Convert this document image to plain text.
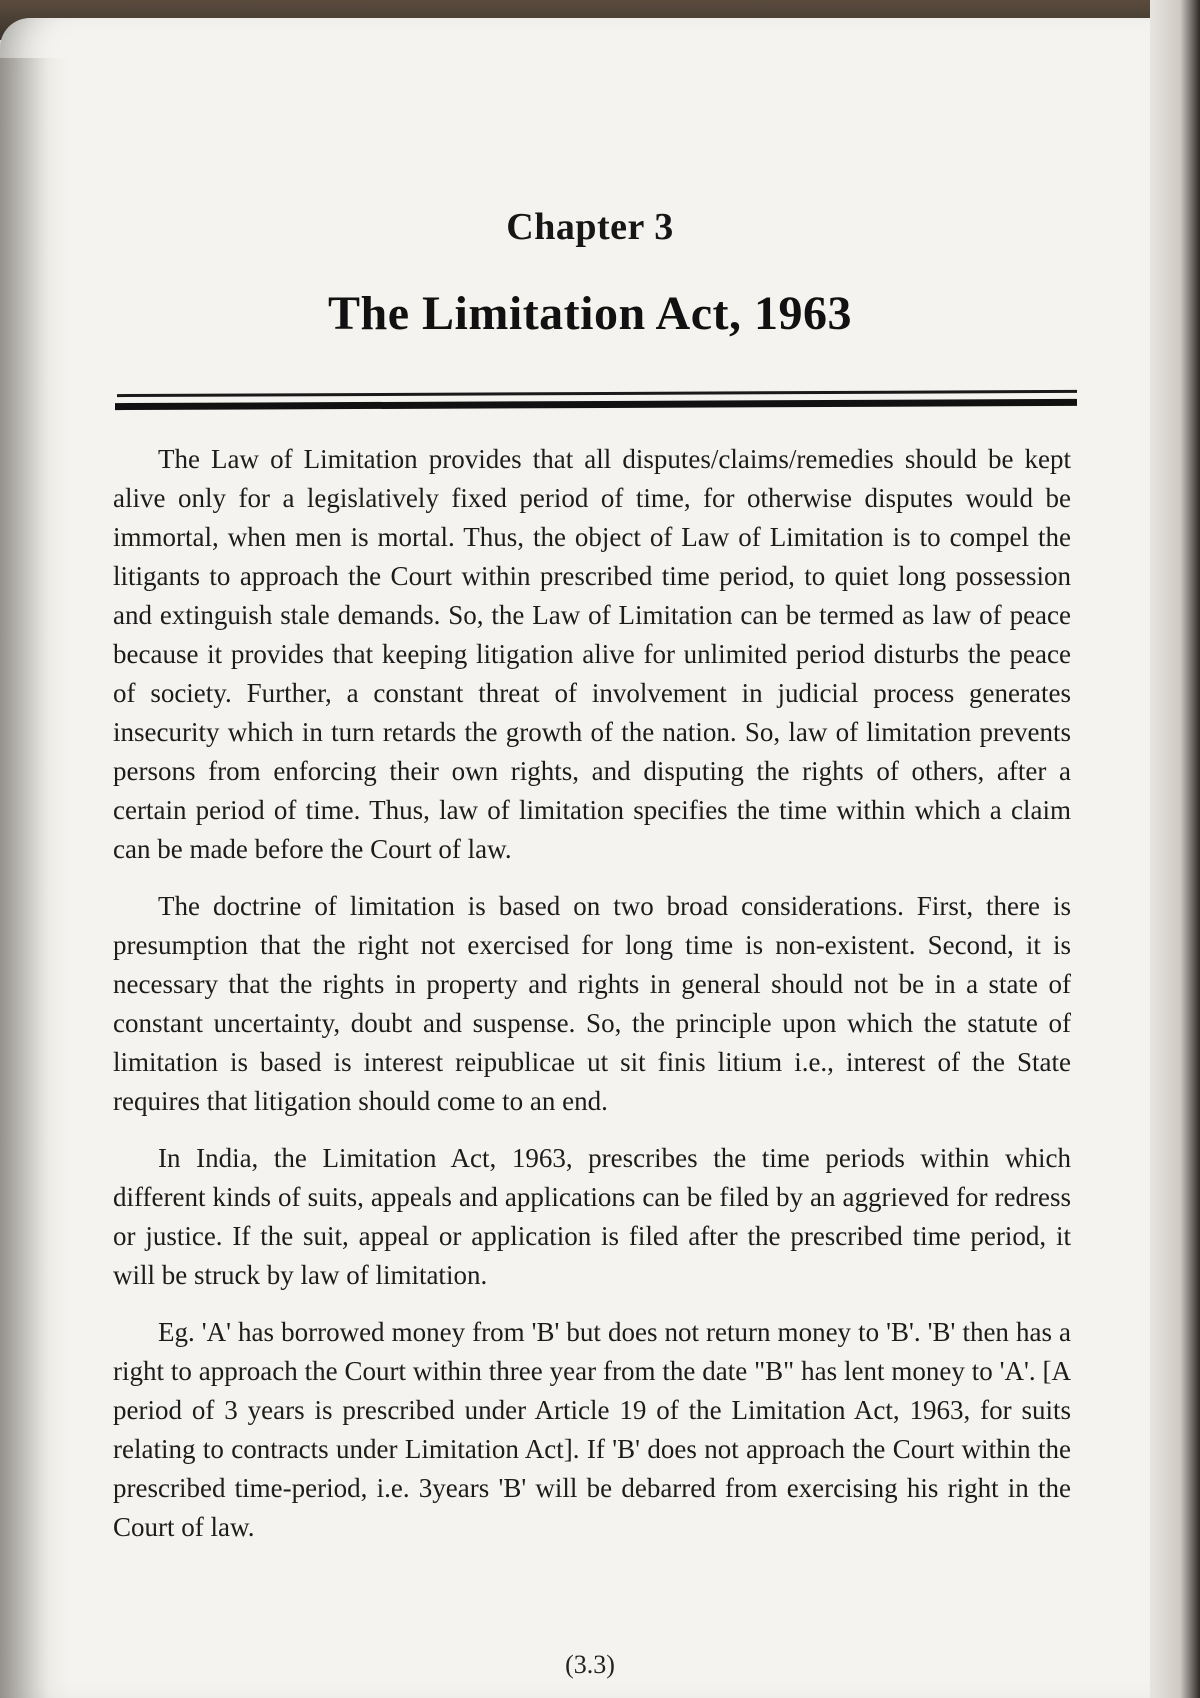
Chapter 3
The Limitation Act, 1963

The Law of Limitation provides that all disputes/claims/remedies should be kept alive only for a legislatively fixed period of time, for otherwise disputes would be immortal, when men is mortal. Thus, the object of Law of Limitation is to compel the litigants to approach the Court within prescribed time period, to quiet long possession and extinguish stale demands. So, the Law of Limitation can be termed as law of peace because it provides that keeping litigation alive for unlimited period disturbs the peace of society. Further, a constant threat of involvement in judicial process generates insecurity which in turn retards the growth of the nation. So, law of limitation prevents persons from enforcing their own rights, and disputing the rights of others, after a certain period of time. Thus, law of limitation specifies the time within which a claim can be made before the Court of law.

The doctrine of limitation is based on two broad considerations. First, there is presumption that the right not exercised for long time is non-existent. Second, it is necessary that the rights in property and rights in general should not be in a state of constant uncertainty, doubt and suspense. So, the principle upon which the statute of limitation is based is interest reipublicae ut sit finis litium i.e., interest of the State requires that litigation should come to an end.

In India, the Limitation Act, 1963, prescribes the time periods within which different kinds of suits, appeals and applications can be filed by an aggrieved for redress or justice. If the suit, appeal or application is filed after the prescribed time period, it will be struck by law of limitation.

Eg. 'A' has borrowed money from 'B' but does not return money to 'B'. 'B' then has a right to approach the Court within three year from the date "B" has lent money to 'A'. [A period of 3 years is prescribed under Article 19 of the Limitation Act, 1963, for suits relating to contracts under Limitation Act]. If 'B' does not approach the Court within the prescribed time-period, i.e. 3years 'B' will be debarred from exercising his right in the Court of law.

(3.3)
